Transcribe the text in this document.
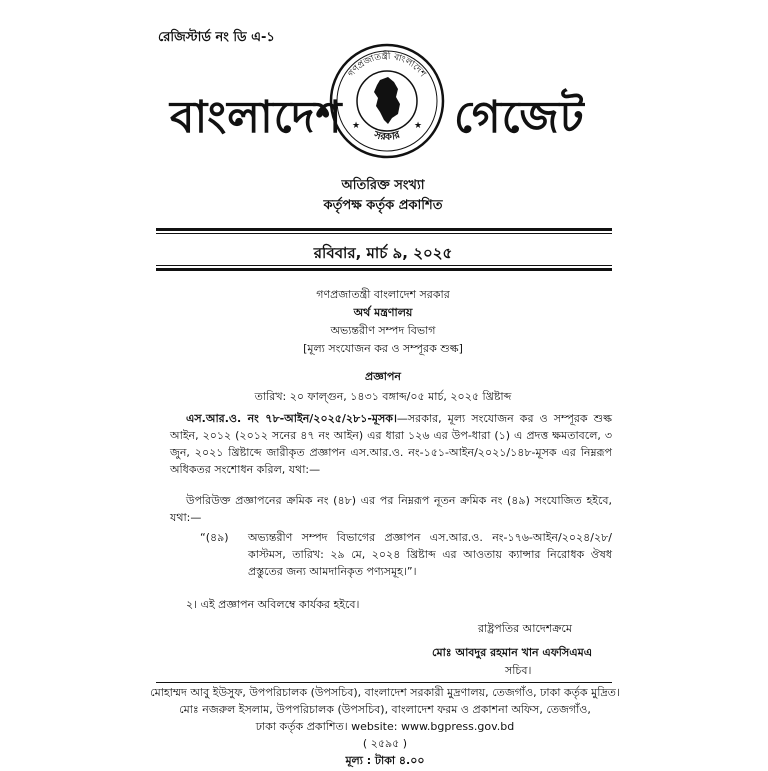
রেজিস্টার্ড নং ডি এ-১
বাংলাদেশ
গণপ্রজাতন্ত্রী বাংলাদেশ
সরকার
★	★ গেজেট
অতিরিক্ত সংখ্যা
কর্তৃপক্ষ কর্তৃক প্রকাশিত
রবিবার, মার্চ ৯, ২০২৫
গণপ্রজাতন্ত্রী বাংলাদেশ সরকার
অর্থ মন্ত্রণালয়
অভ্যন্তরীণ সম্পদ বিভাগ
[মূল্য সংযোজন কর ও সম্পূরক শুল্ক]
প্রজ্ঞাপন
তারিখ: ২০ ফাল্গুন, ১৪৩১ বঙ্গাব্দ/০৫ মার্চ, ২০২৫ খ্রিষ্টাব্দ
এস.আর.ও. নং ৭৮-আইন/২০২৫/২৮১-মূসক।—সরকার, মূল্য সংযোজন কর ও সম্পূরক শুল্ক আইন, ২০১২ (২০১২ সনের ৪৭ নং আইন) এর ধারা ১২৬ এর উপ-ধারা (১) এ প্রদত্ত ক্ষমতাবলে, ৩ জুন, ২০২১ খ্রিষ্টাব্দে জারীকৃত প্রজ্ঞাপন এস.আর.ও. নং-১৫১-আইন/২০২১/১৪৮-মূসক এর নিম্নরূপ অধিকতর সংশোধন করিল, যথা:—
উপরিউক্ত প্রজ্ঞাপনের ক্রমিক নং (৪৮) এর পর নিম্নরূপ নূতন ক্রমিক নং (৪৯) সংযোজিত হইবে, যথা:—
“(৪৯) অভ্যন্তরীণ সম্পদ বিভাগের প্রজ্ঞাপন এস.আর.ও. নং-১৭৬-আইন/২০২৪/২৮/কাস্টমস, তারিখ: ২৯ মে, ২০২৪ খ্রিষ্টাব্দ এর আওতায় ক্যান্সার নিরোধক ঔষধ প্রস্তুতের জন্য আমদানিকৃত পণ্যসমূহ।”।
২। এই প্রজ্ঞাপন অবিলম্বে কার্যকর হইবে।
রাষ্ট্রপতির আদেশক্রমে
মোঃ আবদুর রহমান খান এফসিএমএ
সচিব।
মোহাম্মদ আবু ইউসুফ, উপপরিচালক (উপসচিব), বাংলাদেশ সরকারী মুদ্রণালয়, তেজগাঁও, ঢাকা কর্তৃক মুদ্রিত।
মোঃ নজরুল ইসলাম, উপপরিচালক (উপসচিব), বাংলাদেশ ফরম ও প্রকাশনা অফিস, তেজগাঁও,
ঢাকা কর্তৃক প্রকাশিত। website: www.bgpress.gov.bd
( ২৫৯৫ )
মূল্য : টাকা ৪.০০
